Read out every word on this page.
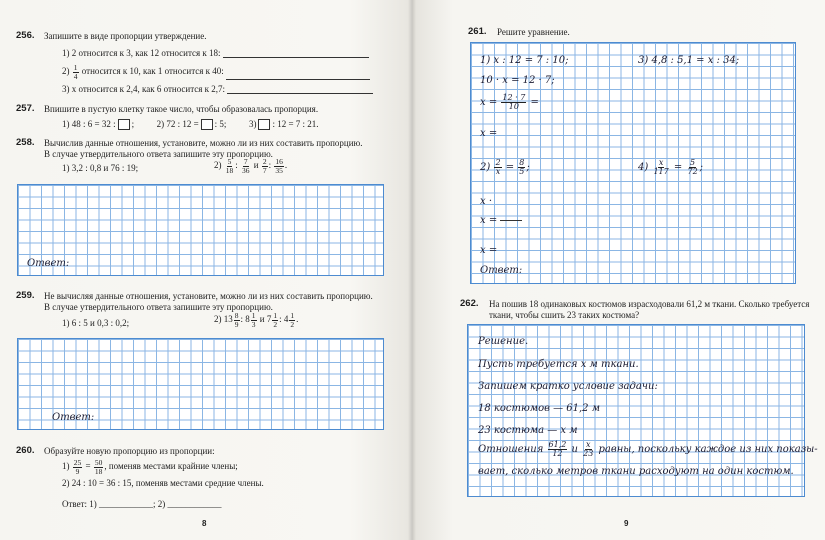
256. Запишите в виде пропорции утверждение.
1) 2 относится к 3, как 12 относится к 18:
$2) \frac{1}{4}$ относится к 10, как 1 относится к 40:
3) x относится к 2,4, как 6 относится к 2,7:
257. Впишите в пустую клетку такое число, чтобы образовалась пропорция.
1) 48 : 6 = 32 : ;	2) 72 : 12 = : 5;	3) : 12 = 7 : 21.
258. Вычислив данные отношения, установите, можно ли из них составить пропорцию.
В случае утвердительного ответа запишите эту пропорцию.
1) 3,2 : 0,8 и 76 : 19;	$2) \frac{5}{18}$ : $\frac{7}{36}$ и $\frac{2}{7}$ : $\frac{16}{35}$ .
Ответ:
259. Не вычисляя данные отношения, установите, можно ли из них составить пропорцию.
В случае утвердительного ответа запишите эту пропорцию.
1) 6 : 5 и 0,3 : 0,2;	2) $13 \frac{8}{9}$ : $8 \frac{1}{3}$ и $7 \frac{1}{2}$ : $4 \frac{1}{2}$ .
Ответ:
260. Образуйте новую пропорцию из пропорции:
$1) \frac{25}{9} = \frac{50}{18}$ , поменяв местами крайние члены;
2) 24 : 10 = 36 : 15, поменяв местами средние члены.
Ответ: 1) ____________; 2) ____________
8
261. Решите уравнение.
1) x : 12 = 7 : 10;	3) 4,8 : 5,1 = x : 34;
10 · x = 12 · 7;
$x = \frac{12 \cdot 7}{10}$ =
x =
$2) \frac{2}{x} = \frac{8}{5}$ ;	$4) \frac{x}{117} = \frac{5}{72}$ ;
x ·
x =
x =
Ответ:
262. На пошив 18 одинаковых костюмов израсходовали 61,2 м ткани. Сколько требуется
ткани, чтобы сшить 23 таких костюма?
Решение.
Пусть требуется x м ткани.
Запишем кратко условие задачи:
18 костюмов — 61,2 м
23 костюма — x м
Отношения $\frac{61,2}{12}$ и $\frac{x}{23}$ равны, поскольку каждое из них показы-
вает, сколько метров ткани расходуют на один костюм.
9
